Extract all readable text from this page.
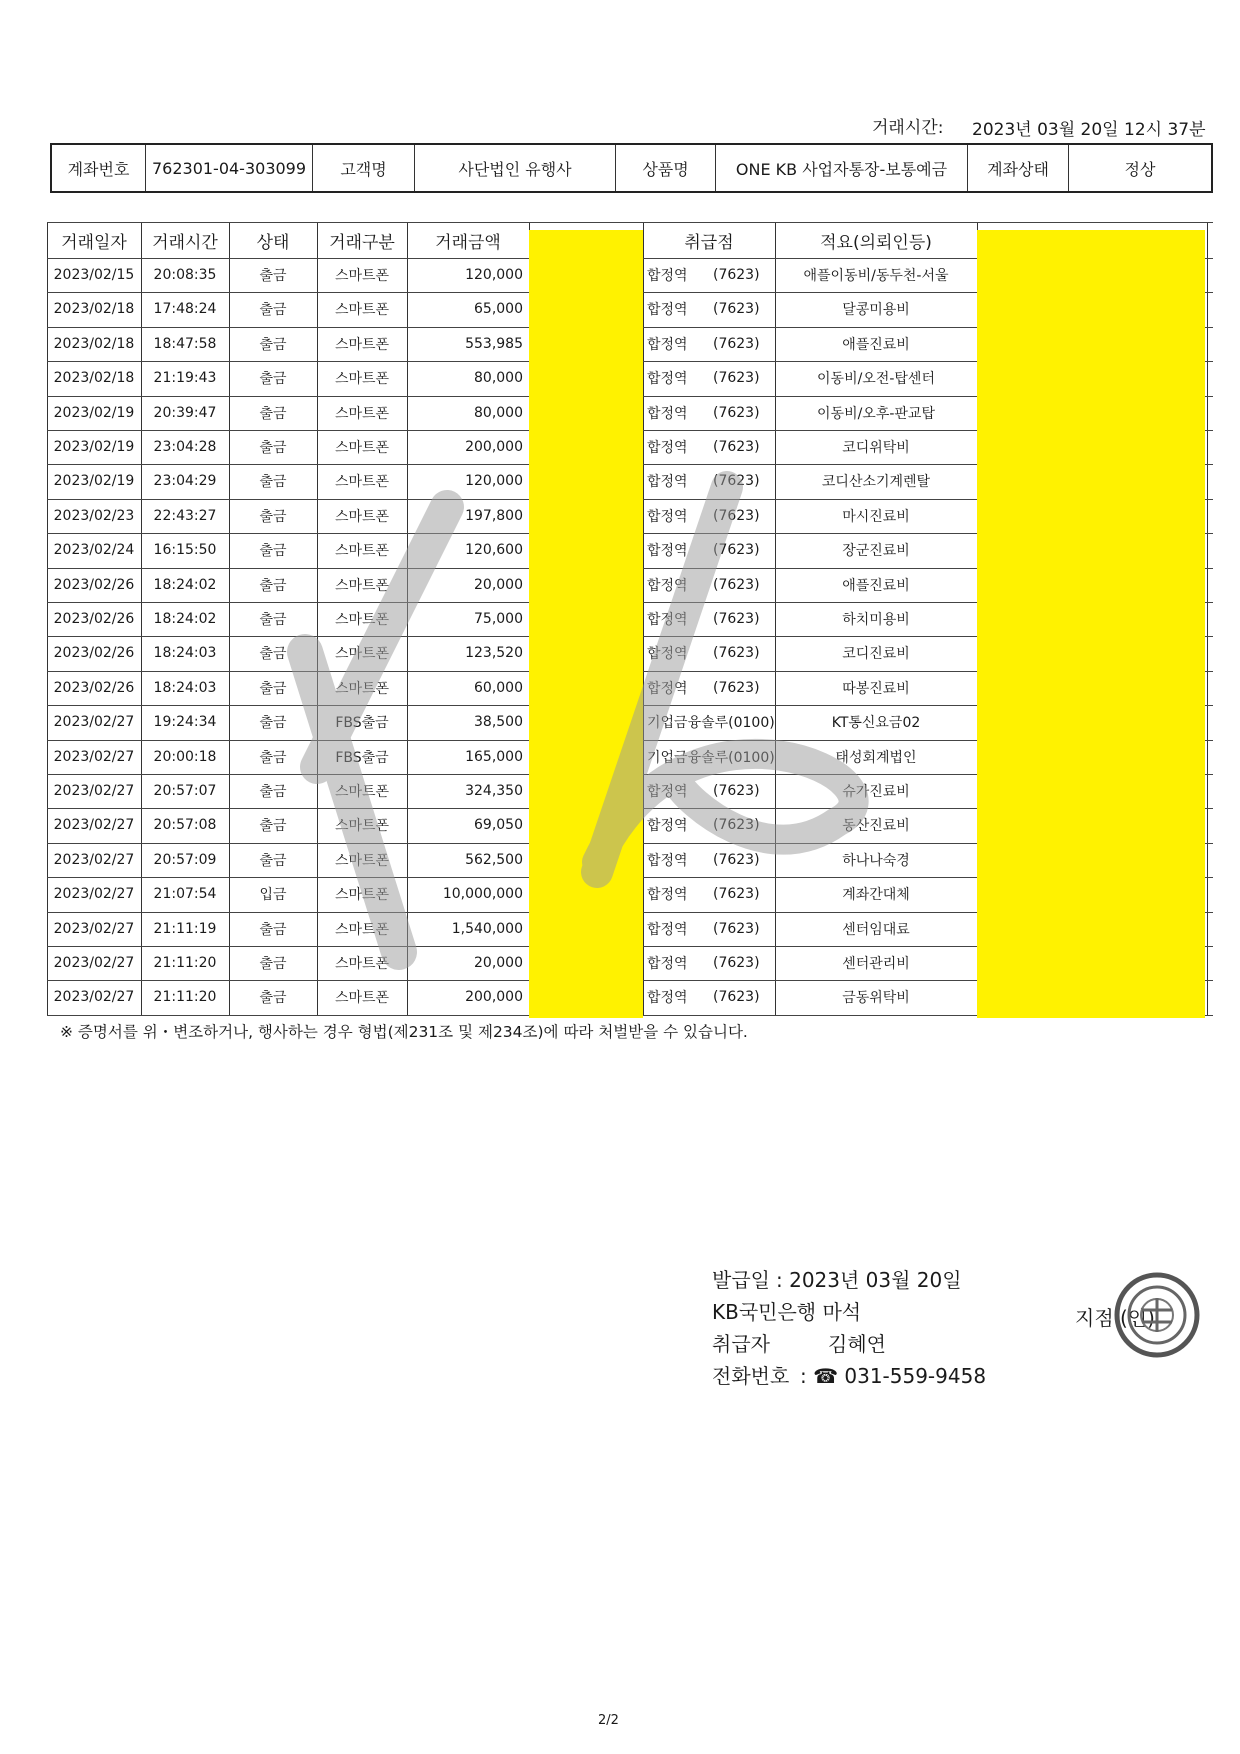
거래시간: 2023년 03월 20일 12시 37분
계좌번호	762301-04-303099	고객명	사단법인 유행사	상품명	ONE KB 사업자통장-보통예금	계좌상태	정상
거래일자	거래시간	상태	거래구분	거래금액	취급점	적요(의뢰인등)
2023/02/15	20:08:35	출금	스마트폰	120,000	합정역	(7623)	애플이동비/동두천-서울
2023/02/18	17:48:24	출금	스마트폰	65,000	합정역	(7623)	달콩미용비
2023/02/18	18:47:58	출금	스마트폰	553,985	합정역	(7623)	애플진료비
2023/02/18	21:19:43	출금	스마트폰	80,000	합정역	(7623)	이동비/오전-탑센터
2023/02/19	20:39:47	출금	스마트폰	80,000	합정역	(7623)	이동비/오후-판교탑
2023/02/19	23:04:28	출금	스마트폰	200,000	합정역	(7623)	코디위탁비
2023/02/19	23:04:29	출금	스마트폰	120,000	합정역	(7623)	코디산소기계렌탈
2023/02/23	22:43:27	출금	스마트폰	197,800	합정역	(7623)	마시진료비
2023/02/24	16:15:50	출금	스마트폰	120,600	합정역	(7623)	장군진료비
2023/02/26	18:24:02	출금	스마트폰	20,000	합정역	(7623)	애플진료비
2023/02/26	18:24:02	출금	스마트폰	75,000	합정역	(7623)	하치미용비
2023/02/26	18:24:03	출금	스마트폰	123,520	합정역	(7623)	코디진료비
2023/02/26	18:24:03	출금	스마트폰	60,000	합정역	(7623)	따봉진료비
2023/02/27	19:24:34	출금	FBS출금	38,500	기업금융솔루(0100)	KT통신요금02
2023/02/27	20:00:18	출금	FBS출금	165,000	기업금융솔루(0100)	태성회계법인
2023/02/27	20:57:07	출금	스마트폰	324,350	합정역	(7623)	슈가진료비
2023/02/27	20:57:08	출금	스마트폰	69,050	합정역	(7623)	동산진료비
2023/02/27	20:57:09	출금	스마트폰	562,500	합정역	(7623)	하나나숙경
2023/02/27	21:07:54	입금	스마트폰	10,000,000	합정역	(7623)	계좌간대체
2023/02/27	21:11:19	출금	스마트폰	1,540,000	합정역	(7623)	센터임대료
2023/02/27	21:11:20	출금	스마트폰	20,000	합정역	(7623)	센터관리비
2023/02/27	21:11:20	출금	스마트폰	200,000	합정역	(7623)	금동위탁비
※ 증명서를 위・변조하거나, 행사하는 경우 형법(제231조 및 제234조)에 따라 처벌받을 수 있습니다.
발급일 : 2023년 03월 20일
KB국민은행 마석
취급자	김혜연
전화번호 : ☎ 031-559-9458
지점 (인)
2/2
